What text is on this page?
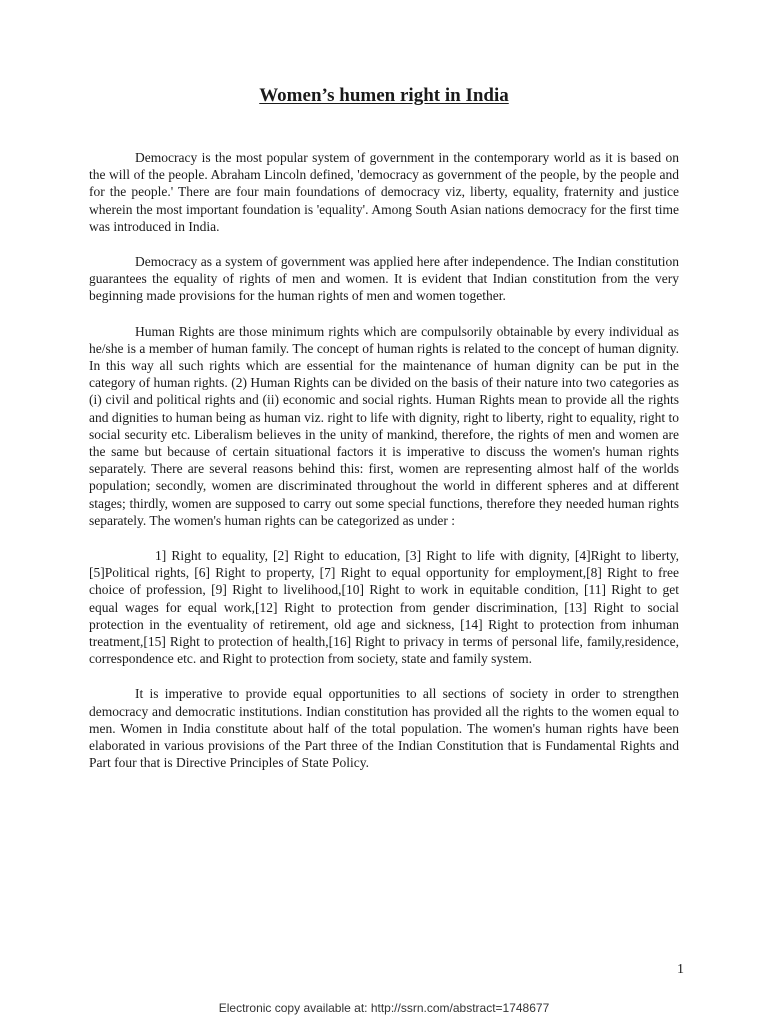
Women’s humen right in India

Democracy is the most popular system of government in the contemporary world as it is based on the will of the people. Abraham Lincoln defined, 'democracy as government of the people, by the people and for the people.' There are four main foundations of democracy viz, liberty, equality, fraternity and justice wherein the most important foundation is 'equality'. Among South Asian nations democracy for the first time was introduced in India.

Democracy as a system of government was applied here after independence. The Indian constitution guarantees the equality of rights of men and women. It is evident that Indian constitution from the very beginning made provisions for the human rights of men and women together.

Human Rights are those minimum rights which are compulsorily obtainable by every individual as he/she is a member of human family. The concept of human rights is related to the concept of human dignity. In this way all such rights which are essential for the maintenance of human dignity can be put in the category of human rights. (2) Human Rights can be divided on the basis of their nature into two categories as (i) civil and political rights and (ii) economic and social rights. Human Rights mean to provide all the rights and dignities to human being as human viz. right to life with dignity, right to liberty, right to equality, right to social security etc. Liberalism believes in the unity of mankind, therefore, the rights of men and women are the same but because of certain situational factors it is imperative to discuss the women's human rights separately. There are several reasons behind this: first, women are representing almost half of the worlds population; secondly, women are discriminated throughout the world in different spheres and at different stages; thirdly, women are supposed to carry out some special functions, therefore they needed human rights separately. The women's human rights can be categorized as under :

1] Right to equality, [2] Right to education, [3] Right to life with dignity, [4]Right to liberty, [5]Political rights, [6] Right to property, [7] Right to equal opportunity for employment,[8] Right to free choice of profession, [9] Right to livelihood,[10] Right to work in equitable condition, [11] Right to get equal wages for equal work,[12] Right to protection from gender discrimination, [13] Right to social protection in the eventuality of retirement, old age and sickness, [14] Right to protection from inhuman treatment,[15] Right to protection of health,[16] Right to privacy in terms of personal life, family,residence, correspondence etc. and Right to protection from society, state and family system.

It is imperative to provide equal opportunities to all sections of society in order to strengthen democracy and democratic institutions. Indian constitution has provided all the rights to the women equal to men. Women in India constitute about half of the total population. The women's human rights have been elaborated in various provisions of the Part three of the Indian Constitution that is Fundamental Rights and Part four that is Directive Principles of State Policy.

1
Electronic copy available at: http://ssrn.com/abstract=1748677
